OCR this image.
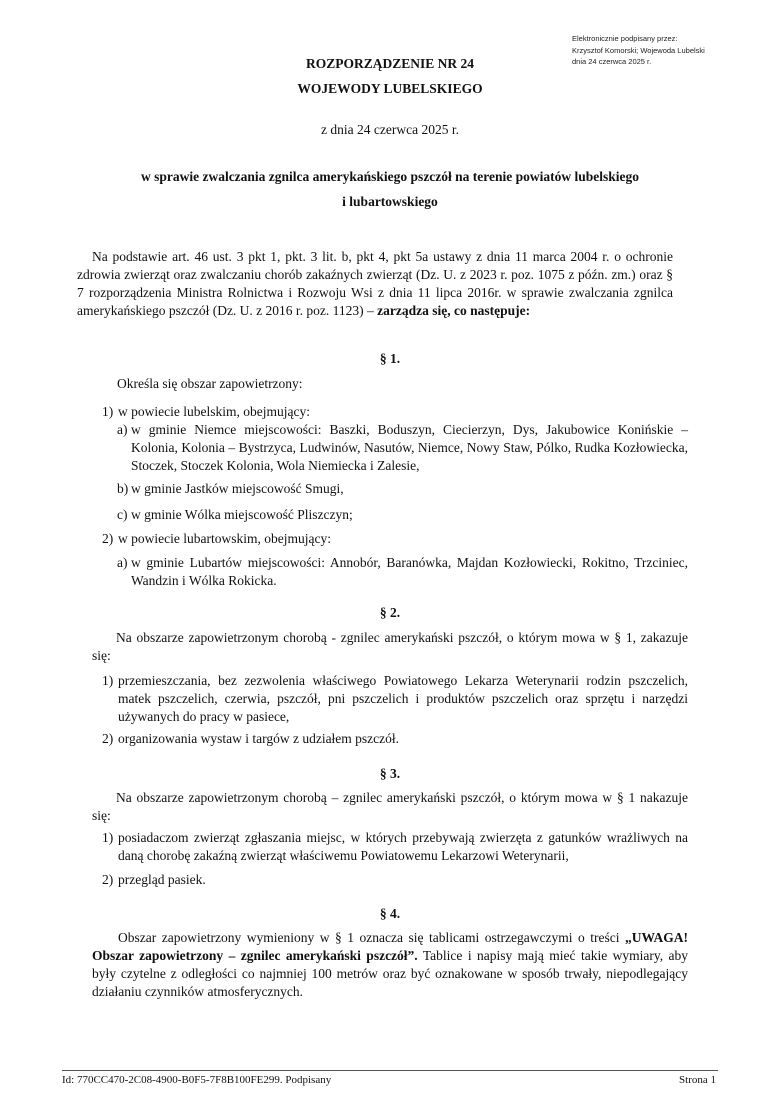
Elektronicznie podpisany przez:
Krzysztof Komorski; Wojewoda Lubelski
dnia 24 czerwca 2025 r.
ROZPORZĄDZENIE NR 24
WOJEWODY LUBELSKIEGO
z dnia 24 czerwca 2025 r.
w sprawie zwalczania zgnilca amerykańskiego pszczół na terenie powiatów lubelskiego
i lubartowskiego
Na podstawie art. 46 ust. 3 pkt 1, pkt. 3 lit. b, pkt 4, pkt 5a ustawy z dnia 11 marca 2004 r. o ochronie zdrowia zwierząt oraz zwalczaniu chorób zakaźnych zwierząt (Dz. U. z 2023 r. poz. 1075 z późn. zm.) oraz § 7 rozporządzenia Ministra Rolnictwa i Rozwoju Wsi z dnia 11 lipca 2016r. w sprawie zwalczania zgnilca amerykańskiego pszczół (Dz. U. z 2016 r. poz. 1123) – zarządza się, co następuje:
§ 1.
Określa się obszar zapowietrzony:
1) w powiecie lubelskim, obejmujący:
a) w gminie Niemce miejscowości: Baszki, Boduszyn, Ciecierzyn, Dys, Jakubowice Konińskie – Kolonia, Kolonia – Bystrzyca, Ludwinów, Nasutów, Niemce, Nowy Staw, Pólko, Rudka Kozłowiecka, Stoczek, Stoczek Kolonia, Wola Niemiecka i Zalesie,
b) w gminie Jastków miejscowość Smugi,
c) w gminie Wólka miejscowość Pliszczyn;
2) w powiecie lubartowskim, obejmujący:
a) w gminie Lubartów miejscowości: Annobór, Baranówka, Majdan Kozłowiecki, Rokitno, Trzciniec, Wandzin i Wólka Rokicka.
§ 2.
Na obszarze zapowietrzonym chorobą - zgnilec amerykański pszczół, o którym mowa w § 1, zakazuje się:
1) przemieszczania, bez zezwolenia właściwego Powiatowego Lekarza Weterynarii rodzin pszczelich, matek pszczelich, czerwia, pszczół, pni pszczelich i produktów pszczelich oraz sprzętu i narzędzi używanych do pracy w pasiece,
2) organizowania wystaw i targów z udziałem pszczół.
§ 3.
Na obszarze zapowietrzonym chorobą – zgnilec amerykański pszczół, o którym mowa w § 1 nakazuje się:
1) posiadaczom zwierząt zgłaszania miejsc, w których przebywają zwierzęta z gatunków wrażliwych na daną chorobę zakaźną zwierząt właściwemu Powiatowemu Lekarzowi Weterynarii,
2) przegląd pasiek.
§ 4.
Obszar zapowietrzony wymieniony w § 1 oznacza się tablicami ostrzegawczymi o treści „UWAGA! Obszar zapowietrzony – zgnilec amerykański pszczół”. Tablice i napisy mają mieć takie wymiary, aby były czytelne z odległości co najmniej 100 metrów oraz być oznakowane w sposób trwały, niepodlegający działaniu czynników atmosferycznych.
Id: 770CC470-2C08-4900-B0F5-7F8B100FE299. Podpisany	Strona 1
